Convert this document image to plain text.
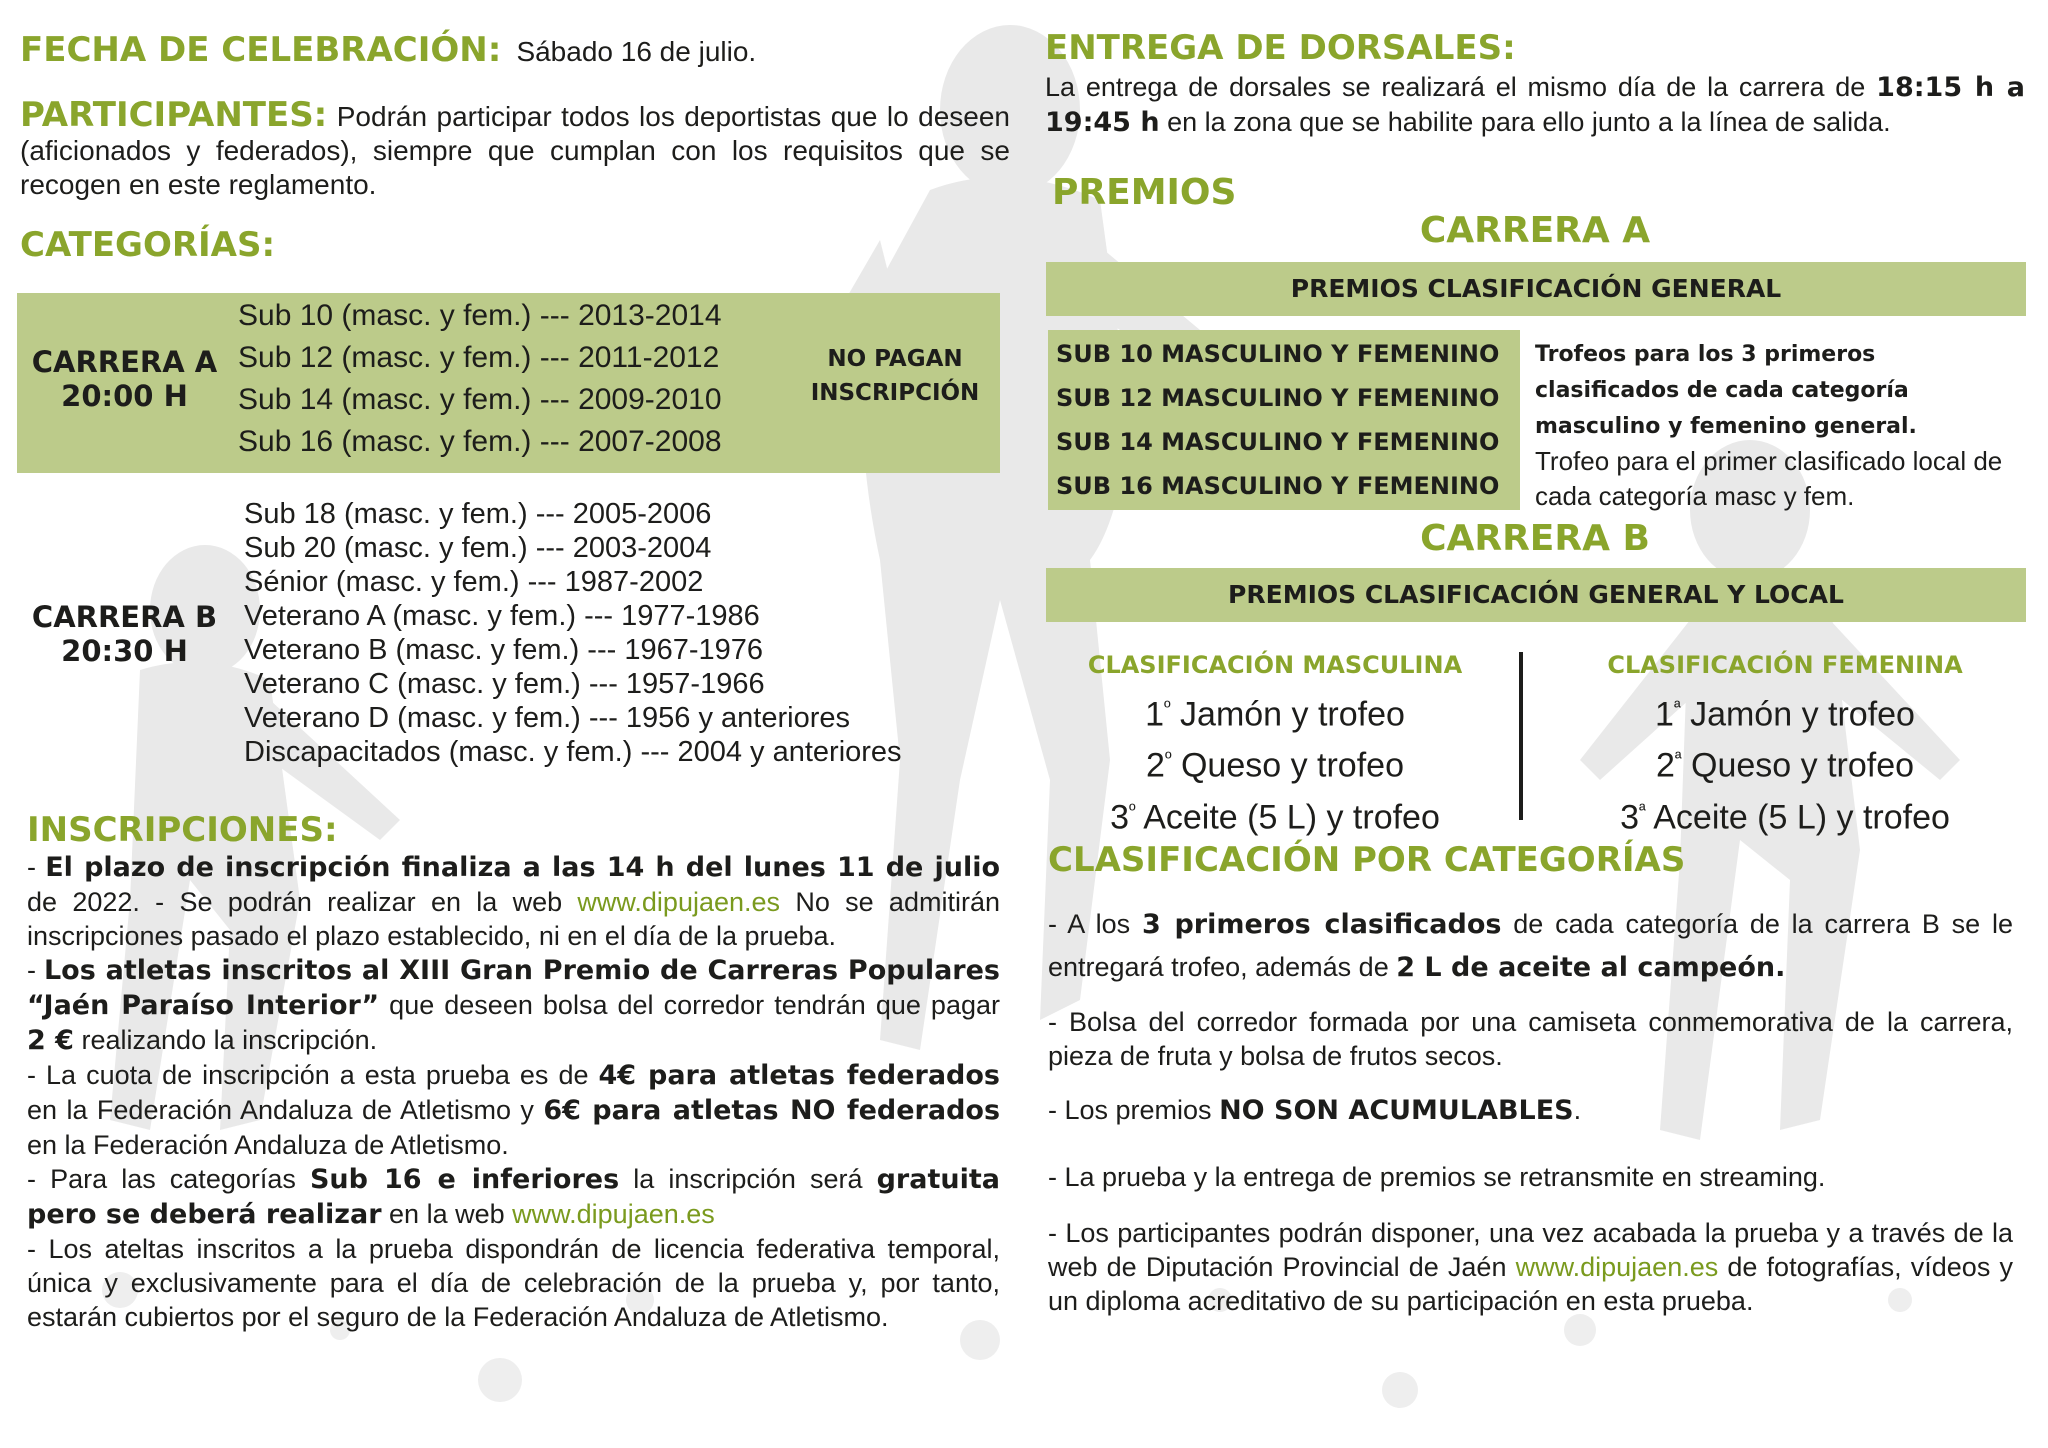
FECHA DE CELEBRACIÓN: Sábado 16 de julio.
PARTICIPANTES: Podrán participar todos los deportistas que lo deseen (aficionados y federados), siempre que cumplan con los requisitos que se recogen en este reglamento.
CATEGORÍAS:
CARRERA A
20:00 H
Sub 10 (masc. y fem.) --- 2013-2014
Sub 12 (masc. y fem.) --- 2011-2012
Sub 14 (masc. y fem.) --- 2009-2010
Sub 16 (masc. y fem.) --- 2007-2008
NO PAGAN
INSCRIPCIÓN
CARRERA B
20:30 H
Sub 18 (masc. y fem.) --- 2005-2006
Sub 20 (masc. y fem.) --- 2003-2004
Sénior (masc. y fem.) --- 1987-2002
Veterano A (masc. y fem.) --- 1977-1986
Veterano B (masc. y fem.) --- 1967-1976
Veterano C (masc. y fem.) --- 1957-1966
Veterano D (masc. y fem.) --- 1956 y anteriores
Discapacitados (masc. y fem.) --- 2004 y anteriores
INSCRIPCIONES:
- El plazo de inscripción finaliza a las 14 h del lunes 11 de julio de 2022. - Se podrán realizar en la web www.dipujaen.es No se admitirán inscripciones pasado el plazo establecido, ni en el día de la prueba.
- Los atletas inscritos al XIII Gran Premio de Carreras Populares “Jaén Paraíso Interior” que deseen bolsa del corredor tendrán que pagar 2 € realizando la inscripción.
- La cuota de inscripción a esta prueba es de 4€ para atletas federados en la Federación Andaluza de Atletismo y 6€ para atletas NO federados en la Federación Andaluza de Atletismo.
- Para las categorías Sub 16 e inferiores la inscripción será gratuita pero se deberá realizar en la web www.dipujaen.es
- Los ateltas inscritos a la prueba dispondrán de licencia federativa temporal, única y exclusivamente para el día de celebración de la prueba y, por tanto, estarán cubiertos por el seguro de la Federación Andaluza de Atletismo.
ENTREGA DE DORSALES:
La entrega de dorsales se realizará el mismo día de la carrera de 18:15 h a 19:45 h en la zona que se habilite para ello junto a la línea de salida.
PREMIOS
CARRERA A
PREMIOS CLASIFICACIÓN GENERAL
SUB 10 MASCULINO Y FEMENINO
SUB 12 MASCULINO Y FEMENINO
SUB 14 MASCULINO Y FEMENINO
SUB 16 MASCULINO Y FEMENINO
Trofeos para los 3 primeros clasificados de cada categoría masculino y femenino general.
Trofeo para el primer clasificado local de cada categoría masc y fem.
CARRERA B
PREMIOS CLASIFICACIÓN GENERAL Y LOCAL
CLASIFICACIÓN MASCULINA
$1^º$ Jamón y trofeo
$2^º$ Queso y trofeo
$3^º$ Aceite (5 L) y trofeo
CLASIFICACIÓN FEMENINA
$1^ª$ Jamón y trofeo
$2^ª$ Queso y trofeo
$3^ª$ Aceite (5 L) y trofeo
CLASIFICACIÓN POR CATEGORÍAS
- A los 3 primeros clasificados de cada categoría de la carrera B se le entregará trofeo, además de 2 L de aceite al campeón.
- Bolsa del corredor formada por una camiseta conmemorativa de la carrera, pieza de fruta y bolsa de frutos secos.
- Los premios NO SON ACUMULABLES.
- La prueba y la entrega de premios se retransmite en streaming.
- Los participantes podrán disponer, una vez acabada la prueba y a través de la web de Diputación Provincial de Jaén www.dipujaen.es de fotografías, vídeos y un diploma acreditativo de su participación en esta prueba.
